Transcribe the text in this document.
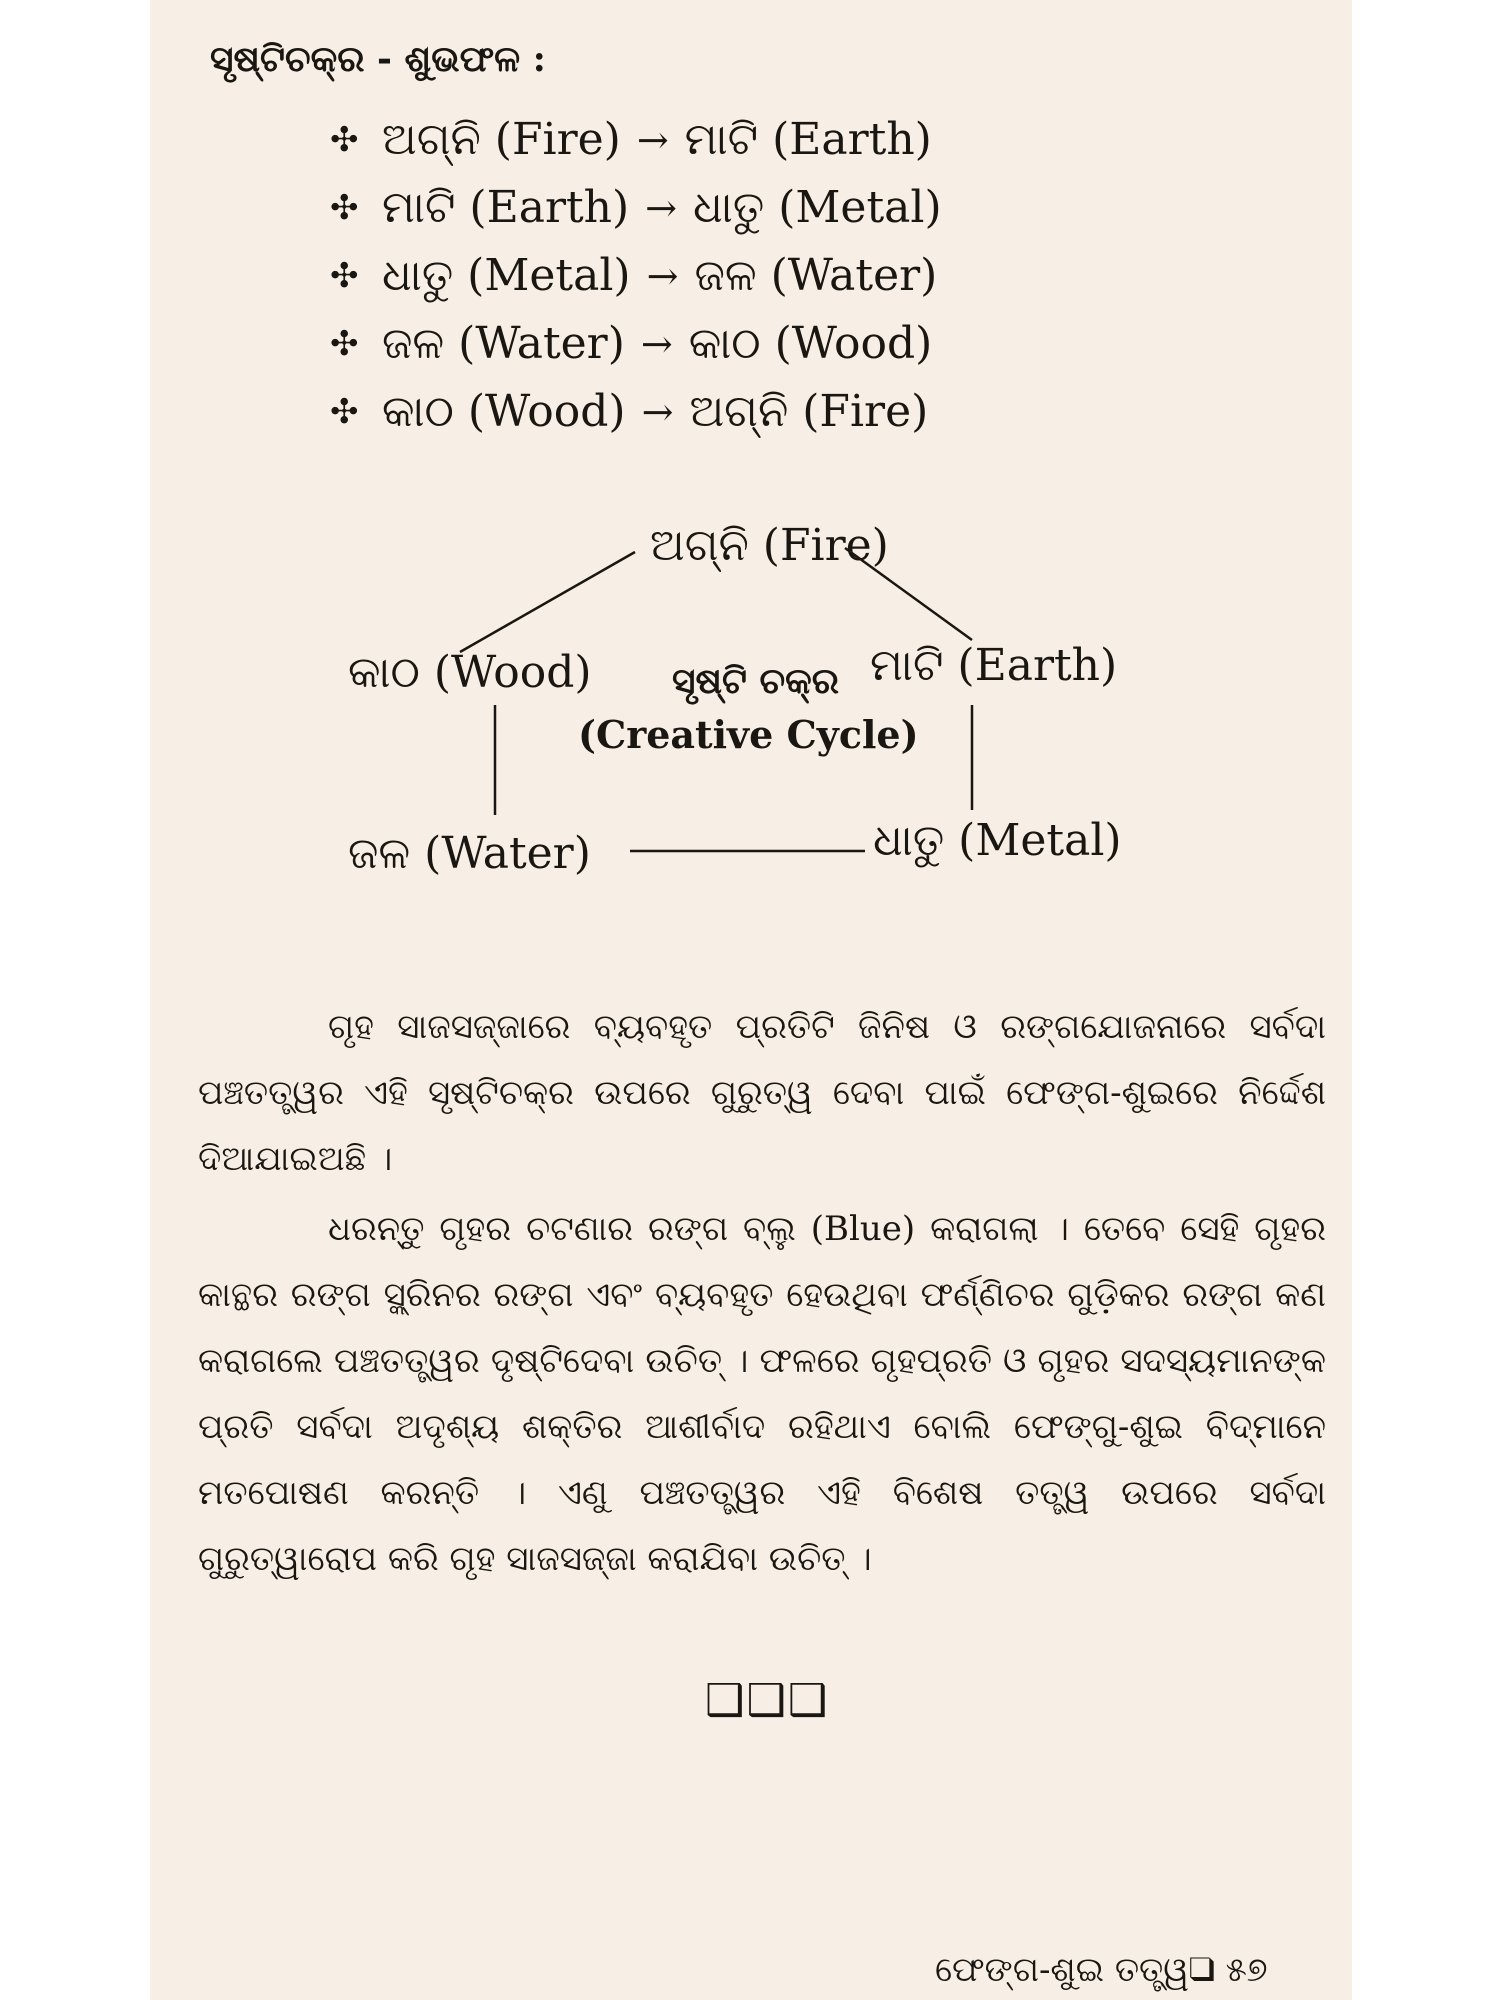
ସୃଷ୍ଟିଚକ୍ର - ଶୁଭଫଳ :
✣ ଅଗ୍ନି (Fire) → ମାଟି (Earth)
✣ ମାଟି (Earth) → ଧାତୁ (Metal)
✣ ଧାତୁ (Metal) → ଜଳ (Water)
✣ ଜଳ (Water) → କାଠ (Wood)
✣ କାଠ (Wood) → ଅଗ୍ନି (Fire)
ଅଗ୍ନି (Fire)
କାଠ (Wood)	ମାଟି (Earth)
ଜଳ (Water)	ଧାତୁ (Metal)
ସୃଷ୍ଟି ଚକ୍ର
(Creative Cycle)
ଗୃହ ସାଜସଜ୍ଜାରେ ବ୍ୟବହୃତ ପ୍ରତିଟି ଜିନିଷ ଓ ରଙ୍ଗଯୋଜନାରେ ସର୍ବଦା ପଞ୍ଚତତ୍ତ୍ୱର ଏହି ସୃଷ୍ଟିଚକ୍ର ଉପରେ ଗୁରୁତ୍ୱ ଦେବା ପାଇଁ ଫେଙ୍ଗ-ଶୁଇରେ ନିର୍ଦ୍ଦେଶ ଦିଆଯାଇଅଛି ।
ଧରନ୍ତୁ ଗୃହର ଚଟଣାର ରଙ୍ଗ ବ୍ଲୁ (Blue) କରାଗଲା । ତେବେ ସେହି ଗୃହର କାନ୍ଥର ରଙ୍ଗ ସ୍କ୍ରିନର ରଙ୍ଗ ଏବଂ ବ୍ୟବହୃତ ହେଉଥିବା ଫର୍ଣ୍ଣିଚର ଗୁଡ଼ିକର ରଙ୍ଗ କଣ କରାଗଲେ ପଞ୍ଚତତ୍ତ୍ୱର ଦୃଷ୍ଟିଦେବା ଉଚିତ୍ । ଫଳରେ ଗୃହପ୍ରତି ଓ ଗୃହର ସଦସ୍ୟମାନଙ୍କ ପ୍ରତି ସର୍ବଦା ଅଦୃଶ୍ୟ ଶକ୍ତିର ଆଶୀର୍ବାଦ ରହିଥାଏ ବୋଲି ଫେଙ୍ଗୁ-ଶୁଇ ବିଦ୍‌ମାନେ ମତପୋଷଣ କରନ୍ତି । ଏଣୁ ପଞ୍ଚତତ୍ତ୍ୱର ଏହି ବିଶେଷ ତତ୍ତ୍ୱ ଉପରେ ସର୍ବଦା ଗୁରୁତ୍ୱାରୋପ କରି ଗୃହ ସାଜସଜ୍ଜା କରାଯିବା ଉଚିତ୍ ।
❑❑❑
ଫେଙ୍ଗ-ଶୁଇ ତତ୍ତ୍ୱ❑ ୫୭
